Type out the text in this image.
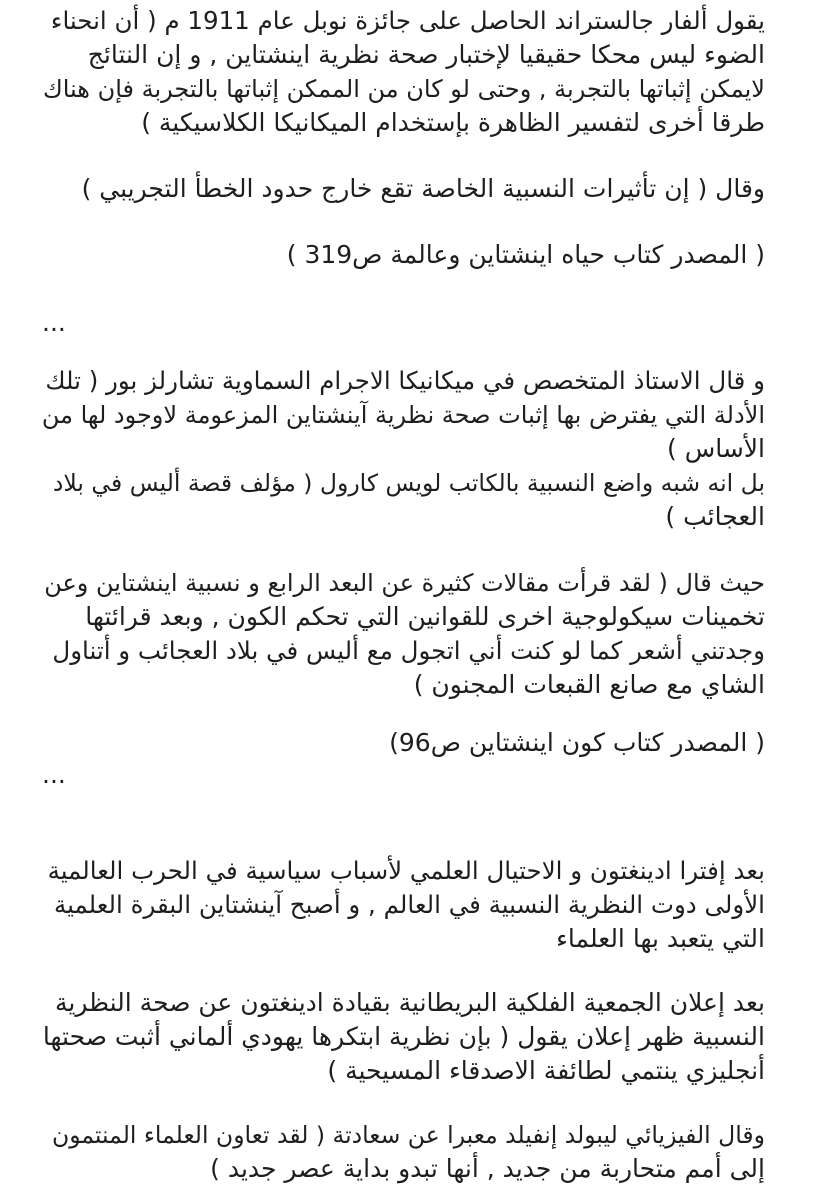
يقول ألفار جالستراند الحاصل على جائزة نوبل عام 1911 م ( أن انحناء
الضوء ليس محكا حقيقيا لإختبار صحة نظرية اينشتاين , و إن النتائج
لايمكن إثباتها بالتجربة , وحتى لو كان من الممكن إثباتها بالتجربة فإن هناك
طرقا أخرى لتفسير الظاهرة بإستخدام الميكانيكا الكلاسيكية )
وقال ( إن تأثيرات النسبية الخاصة تقع خارج حدود الخطأ التجريبي )
( المصدر كتاب حياه اينشتاين وعالمة ص319 )
...
و قال الاستاذ المتخصص في ميكانيكا الاجرام السماوية تشارلز بور ( تلك
الأدلة التي يفترض بها إثبات صحة نظرية آينشتاين المزعومة لاوجود لها من
الأساس )
بل انه شبه واضع النسبية بالكاتب لويس كارول ( مؤلف قصة أليس في بلاد
العجائب )
حيث قال ( لقد قرأت مقالات كثيرة عن البعد الرابع و نسبية اينشتاين وعن
تخمينات سيكولوجية اخرى للقوانين التي تحكم الكون , وبعد قرائتها
وجدتني أشعر كما لو كنت أني اتجول مع أليس في بلاد العجائب و أتناول
الشاي مع صانع القبعات المجنون )
( المصدر كتاب كون اينشتاين ص96)
...
بعد إفترا ادينغتون و الاحتيال العلمي لأسباب سياسية في الحرب العالمية
الأولى دوت النظرية النسبية في العالم , و أصبح آينشتاين البقرة العلمية
التي يتعبد بها العلماء
بعد إعلان الجمعية الفلكية البريطانية بقيادة ادينغتون عن صحة النظرية
النسبية ظهر إعلان يقول ( بإن نظرية ابتكرها يهودي ألماني أثبت صحتها
أنجليزي ينتمي لطائفة الاصدقاء المسيحية )
وقال الفيزيائي ليبولد إنفيلد معبرا عن سعادتة ( لقد تعاون العلماء المنتمون
إلى أمم متحاربة من جديد , أنها تبدو بداية عصر جديد )
